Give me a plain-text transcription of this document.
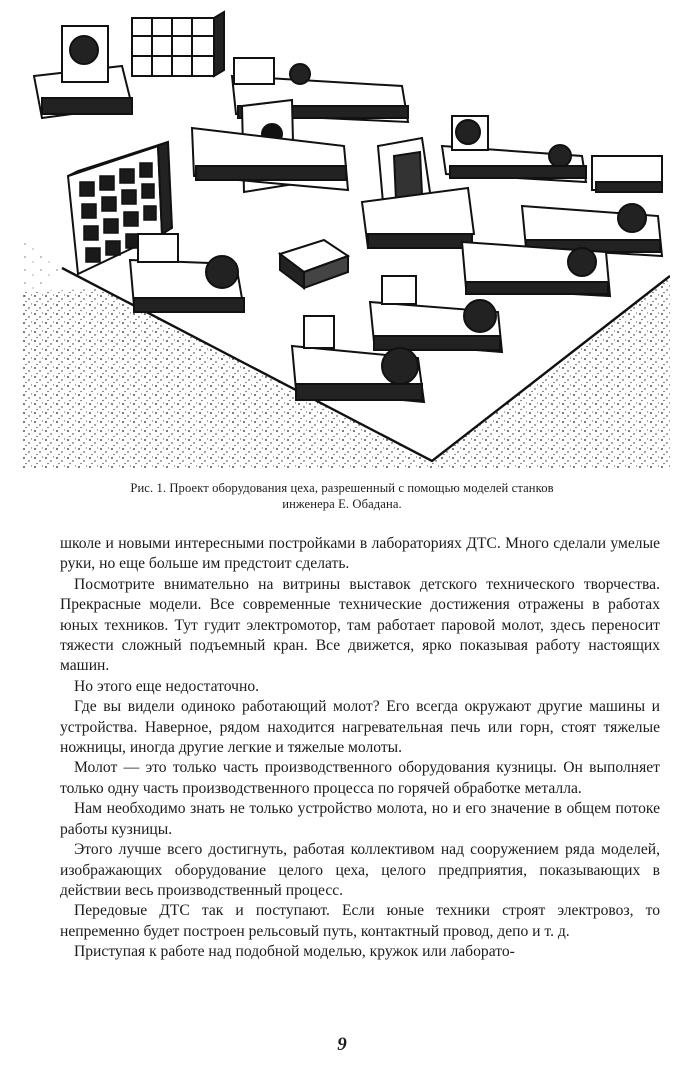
Рис. 1. Проект оборудования цеха, разрешенный с помощью моделей станков

инженера Е. Обадана.

школе и новыми интересными постройками в лабораториях ДТС. Много сделали умелые руки, но еще больше им предстоит сделать.

Посмотрите внимательно на витрины выставок детского технического творчества. Прекрасные модели. Все современные технические достижения отражены в работах юных техников. Тут гудит электромотор, там работает паровой молот, здесь переносит тяжести сложный подъемный кран. Все движется, ярко показывая работу настоящих машин.

Но этого еще недостаточно.

Где вы видели одиноко работающий молот? Его всегда окружают другие машины и устройства. Наверное, рядом находится нагревательная печь или горн, стоят тяжелые ножницы, иногда другие легкие и тяжелые молоты.

Молот — это только часть производственного оборудования кузницы. Он выполняет только одну часть производственного процесса по горячей обработке металла.

Нам необходимо знать не только устройство молота, но и его значение в общем потоке работы кузницы.

Этого лучше всего достигнуть, работая коллективом над сооружением ряда моделей, изображающих оборудование целого цеха, целого предприятия, показывающих в действии весь производственный процесс.

Передовые ДТС так и поступают. Если юные техники строят электровоз, то непременно будет построен рельсовый путь, контактный провод, депо и т. д.

Приступая к работе над подобной моделью, кружок или лаборато-

9
